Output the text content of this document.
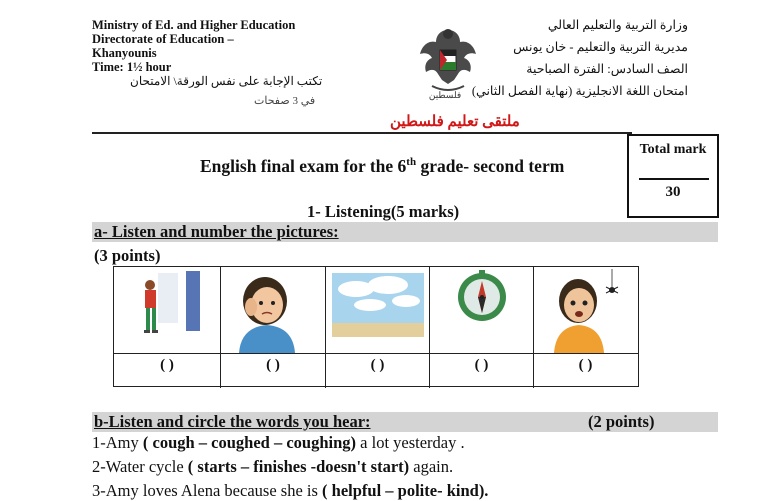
Ministry of Ed. and Higher Education
Directorate of Education –
Khanyounis
Time: 1½ hour
تكتب الإجابة على نفس الورقة\ الامتحان
في 3 صفحات	فلسطين
وزارة التربية والتعليم العالي
مديرية التربية والتعليم - خان يونس
الصف السادس: الفترة الصباحية
امتحان اللغة الانجليزية (نهاية الفصل الثاني)
ملتقى تعليم فلسطين
Total mark
30
English final exam for the 6th grade- second term
1- Listening(5 marks)
a- Listen and number the pictures:
(3 points)
( )	( )	( )	( )	( )
b-Listen and circle the words you hear:	(2 points)
1-Amy ( cough – coughed – coughing) a lot yesterday .
2-Water cycle ( starts – finishes -doesn't start) again.
3-Amy loves Alena because she is ( helpful – polite- kind).
